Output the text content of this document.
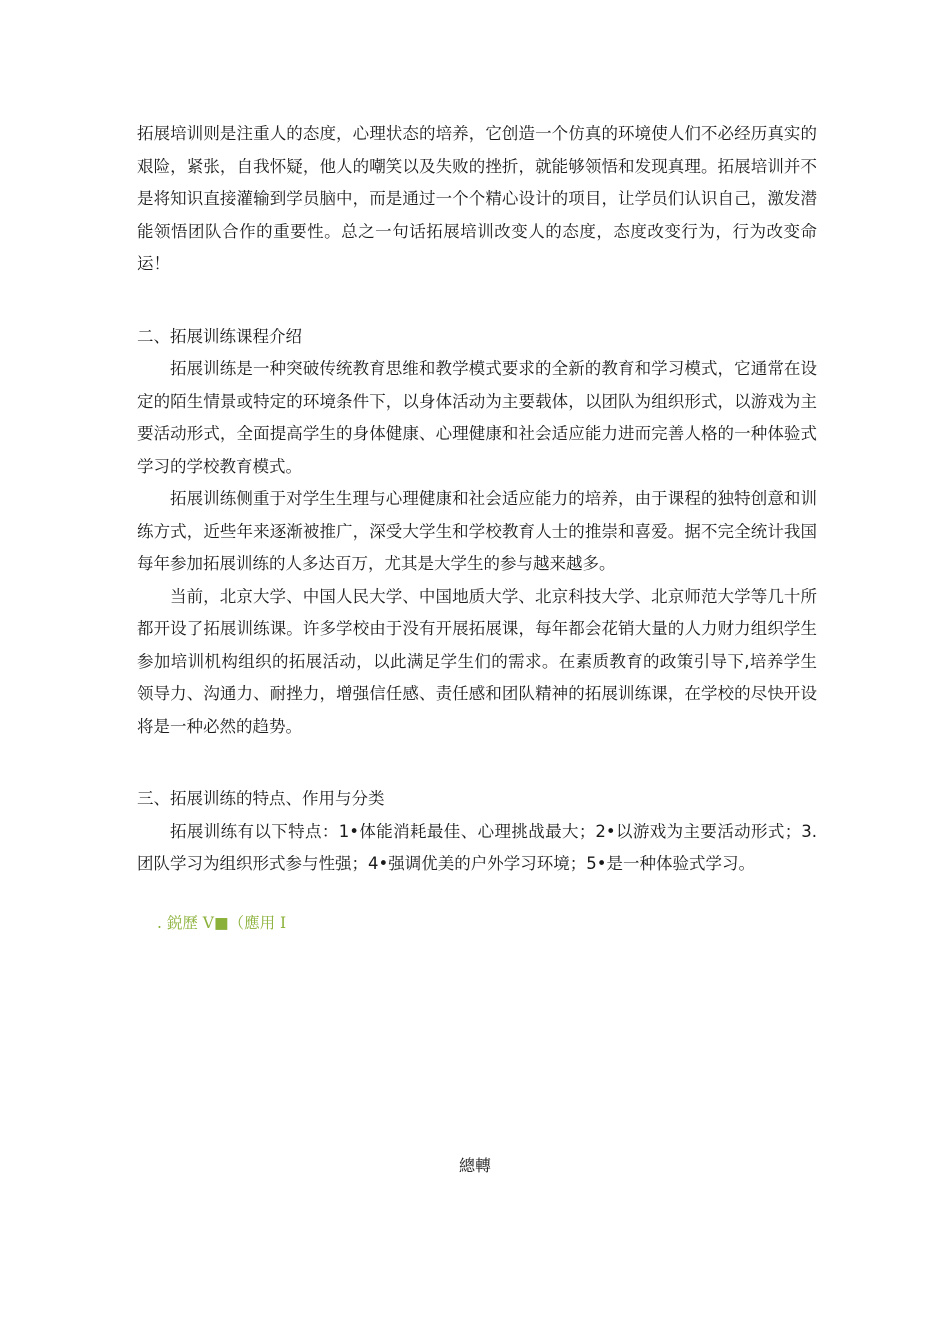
拓展培训则是注重人的态度，心理状态的培养，它创造一个仿真的环境使人们不必经历真实的艰险，紧张，自我怀疑，他人的嘲笑以及失败的挫折，就能够领悟和发现真理。拓展培训并不是将知识直接灌输到学员脑中，而是通过一个个精心设计的项目，让学员们认识自己，激发潜能领悟团队合作的重要性。总之一句话拓展培训改变人的态度，态度改变行为，行为改变命运！

二、拓展训练课程介绍

拓展训练是一种突破传统教育思维和教学模式要求的全新的教育和学习模式，它通常在设定的陌生情景或特定的环境条件下，以身体活动为主要载体，以团队为组织形式，以游戏为主要活动形式，全面提高学生的身体健康、心理健康和社会适应能力进而完善人格的一种体验式学习的学校教育模式。

拓展训练侧重于对学生生理与心理健康和社会适应能力的培养，由于课程的独特创意和训练方式，近些年来逐渐被推广，深受大学生和学校教育人士的推崇和喜爱。据不完全统计我国每年参加拓展训练的人多达百万，尤其是大学生的参与越来越多。

当前，北京大学、中国人民大学、中国地质大学、北京科技大学、北京师范大学等几十所都开设了拓展训练课。许多学校由于没有开展拓展课，每年都会花销大量的人力财力组织学生参加培训机构组织的拓展活动，以此满足学生们的需求。在素质教育的政策引导下,培养学生领导力、沟通力、耐挫力，增强信任感、责任感和团队精神的拓展训练课，在学校的尽快开设将是一种必然的趋势。

三、拓展训练的特点、作用与分类

拓展训练有以下特点：1•体能消耗最佳、心理挑战最大；2•以游戏为主要活动形式；3.团队学习为组织形式参与性强；4•强调优美的户外学习环境；5•是一种体验式学习。

. 鋭歷 V■（應用 I

總轉
